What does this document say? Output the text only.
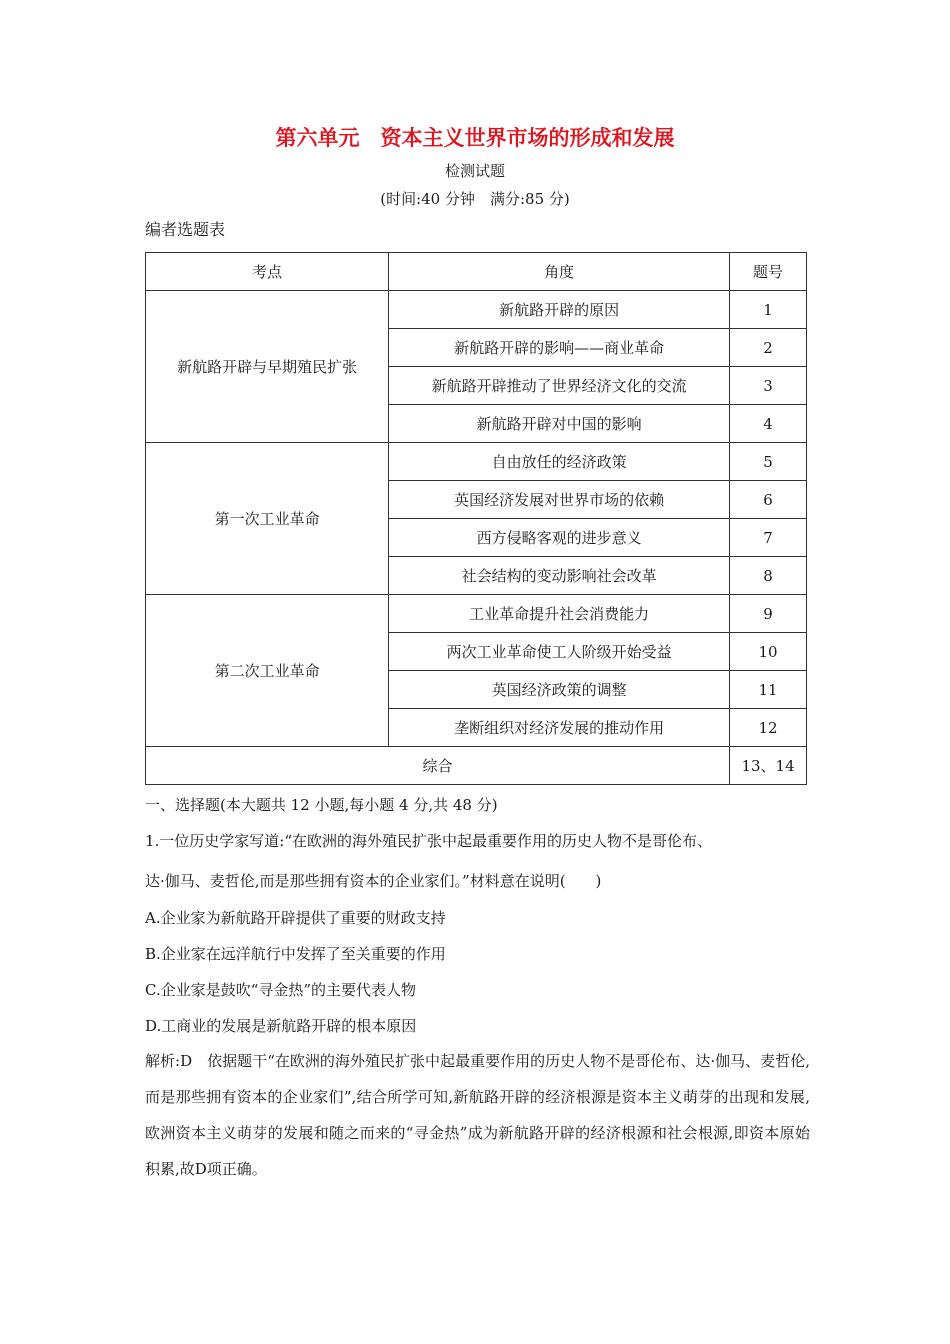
第六单元　资本主义世界市场的形成和发展
检测试题
(时间:40 分钟　满分:85 分)
编者选题表
考点	角度	题号
新航路开辟与早期殖民扩张	新航路开辟的原因	1
	新航路开辟的影响——商业革命	2
	新航路开辟推动了世界经济文化的交流	3
	新航路开辟对中国的影响	4
第一次工业革命	自由放任的经济政策	5
	英国经济发展对世界市场的依赖	6
	西方侵略客观的进步意义	7
	社会结构的变动影响社会改革	8
第二次工业革命	工业革命提升社会消费能力	9
	两次工业革命使工人阶级开始受益	10
	英国经济政策的调整	11
	垄断组织对经济发展的推动作用	12
综合		13、14
一、选择题(本大题共 12 小题,每小题 4 分,共 48 分)
1.一位历史学家写道:“在欧洲的海外殖民扩张中起最重要作用的历史人物不是哥伦布、
达·伽马、麦哲伦,而是那些拥有资本的企业家们。”材料意在说明(　　)
A.企业家为新航路开辟提供了重要的财政支持
B.企业家在远洋航行中发挥了至关重要的作用
C.企业家是鼓吹“寻金热”的主要代表人物
D.工商业的发展是新航路开辟的根本原因
解析:D　依据题干“在欧洲的海外殖民扩张中起最重要作用的历史人物不是哥伦布、达·伽马、麦哲伦,而是那些拥有资本的企业家们”,结合所学可知,新航路开辟的经济根源是资本主义萌芽的出现和发展,欧洲资本主义萌芽的发展和随之而来的“寻金热”成为新航路开辟的经济根源和社会根源,即资本原始积累,故D项正确。
